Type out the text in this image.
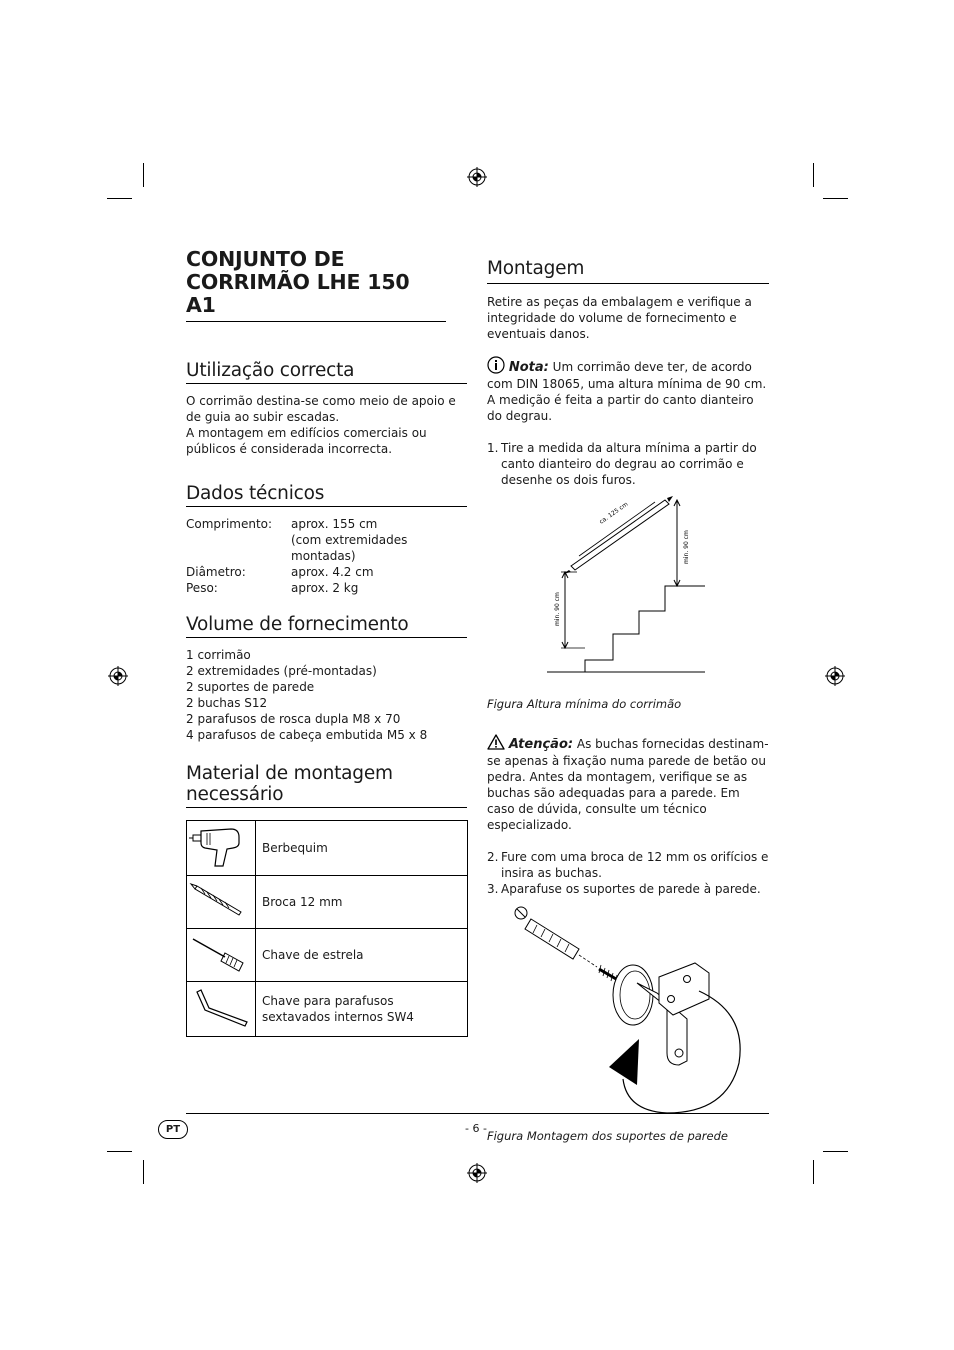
CONJUNTO DE CORRIMÃO LHE 150 A1
Utilização correcta

O corrimão destina-se como meio de apoio e de guia ao subir escadas.

A montagem em edifícios comerciais ou públicos é considerada incorrecta.

Dados técnicos
Comprimento:	aprox. 155 cm
(com extremidades montadas)
Diâmetro:	aprox. 4.2 cm
Peso:	aprox. 2 kg
Volume de fornecimento

1 corrimão

2 extremidades (pré-montadas)

2 suportes de parede

2 buchas S12

2 parafusos de rosca dupla M8 x 70

4 parafusos de cabeça embutida M5 x 8

Material de montagem necessário
	Berbequim
	Broca 12 mm
	Chave de estrela
	Chave para parafusos sextavados internos SW4
Montagem

Retire as peças da embalagem e verifique a integridade do volume de fornecimento e eventuais danos.

Nota: Um corrimão deve ter, de acordo com DIN 18065, uma altura mínima de 90 cm.

A medição é feita a partir do canto dianteiro do degrau.

1. Tire a medida da altura mínima a partir do canto dianteiro do degrau ao corrimão e desenhe os dois furos.
min. 90 cm
min. 90 cm
ca. 125 cm

Figura Altura mínima do corrimão

Atenção: As buchas fornecidas destinam-se apenas à fixação numa parede de betão ou pedra. Antes da montagem, verifique se as buchas são adequadas para a parede. Em caso de dúvida, consulte um técnico especializado.

2. Fure com uma broca de 12 mm os orifícios e insira as buchas.
3. Aparafuse os suportes de parede à parede.

Figura Montagem dos suportes de parede

PT	- 6 -
